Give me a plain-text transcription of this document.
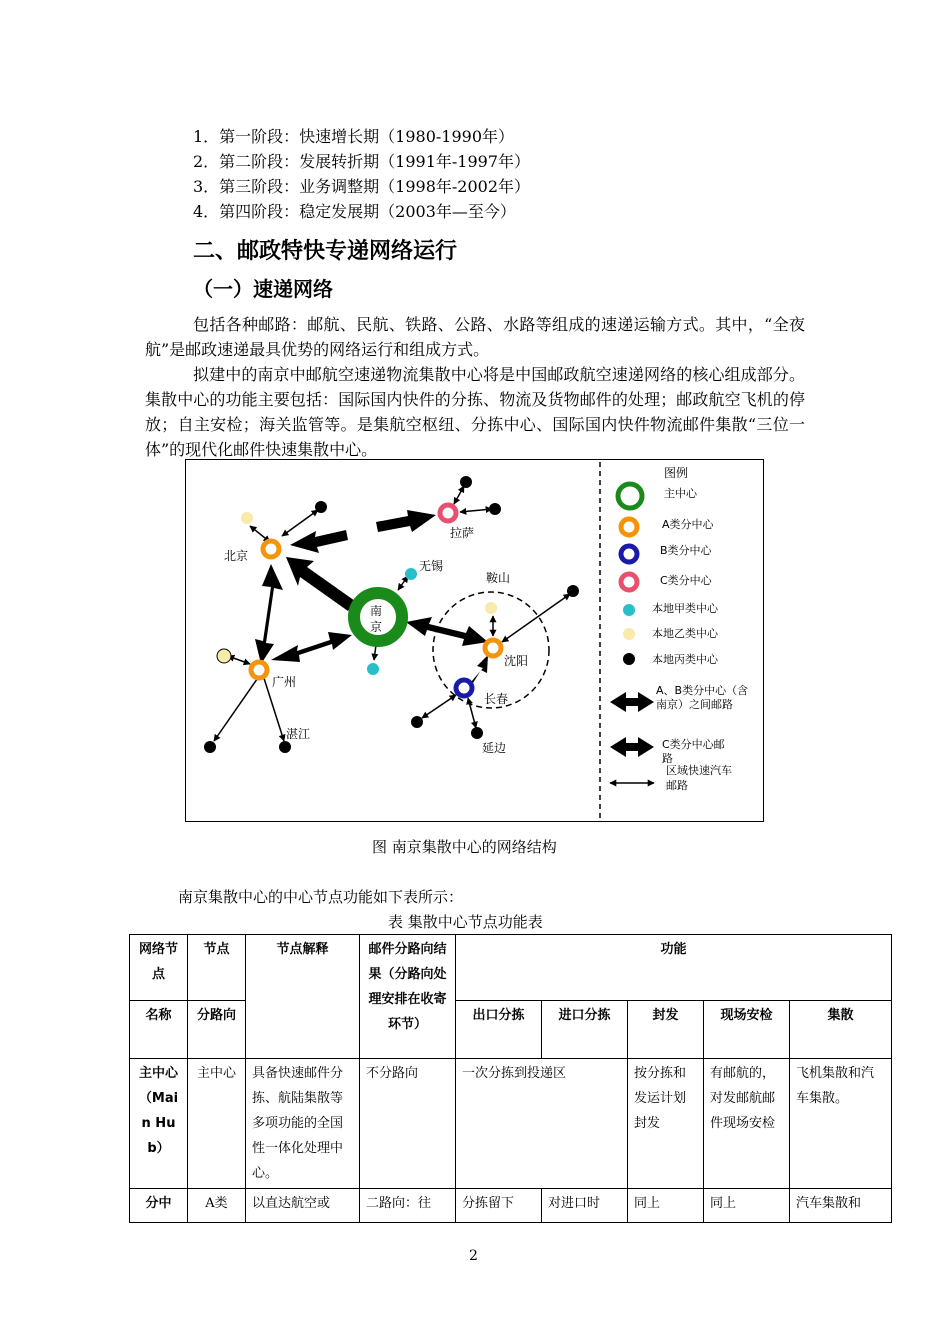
1．第一阶段：快速增长期（1980-1990年）
2．第二阶段：发展转折期（1991年-1997年）
3．第三阶段：业务调整期（1998年-2002年）
4．第四阶段：稳定发展期（2003年—至今）
二、邮政特快专递网络运行
（一）速递网络
包括各种邮路：邮航、民航、铁路、公路、水路等组成的速递运输方式。其中，“全夜航”是邮政速递最具优势的网络运行和组成方式。
拟建中的南京中邮航空速递物流集散中心将是中国邮政航空速递网络的核心组成部分。集散中心的功能主要包括：国际国内快件的分拣、物流及货物邮件的处理；邮政航空飞机的停放；自主安检；海关监管等。是集航空枢纽、分拣中心、国际国内快件物流邮件集散“三位一体”的现代化邮件快速集散中心。
南
京
北京
拉萨
无锡
鞍山
沈阳
长春
延边
广州
湛江
图例
主中心
A类分中心
B类分中心
C类分中心
本地甲类中心
本地乙类中心
本地丙类中心
A、B类分中心（含
南京）之间邮路
C类分中心邮
路
区域快速汽车
邮路
图 南京集散中心的网络结构
南京集散中心的中心节点功能如下表所示：
表 集散中心节点功能表
网络节点	节点	节点解释	邮件分路向结果（分路向处理安排在收寄环节）	功能				
名称	分路向			出口分拣	进口分拣	封发	现场安检	集散
主中心（Main Hub）	主中心	具备快速邮件分拣、航陆集散等多项功能的全国性一体化处理中心。	不分路向	一次分拣到投递区		按分拣和发运计划封发	有邮航的，对发邮航邮件现场安检	飞机集散和汽车集散。
分中	A类	以直达航空或	二路向：往	分拣留下	对进口时	同上	同上	汽车集散和
2
